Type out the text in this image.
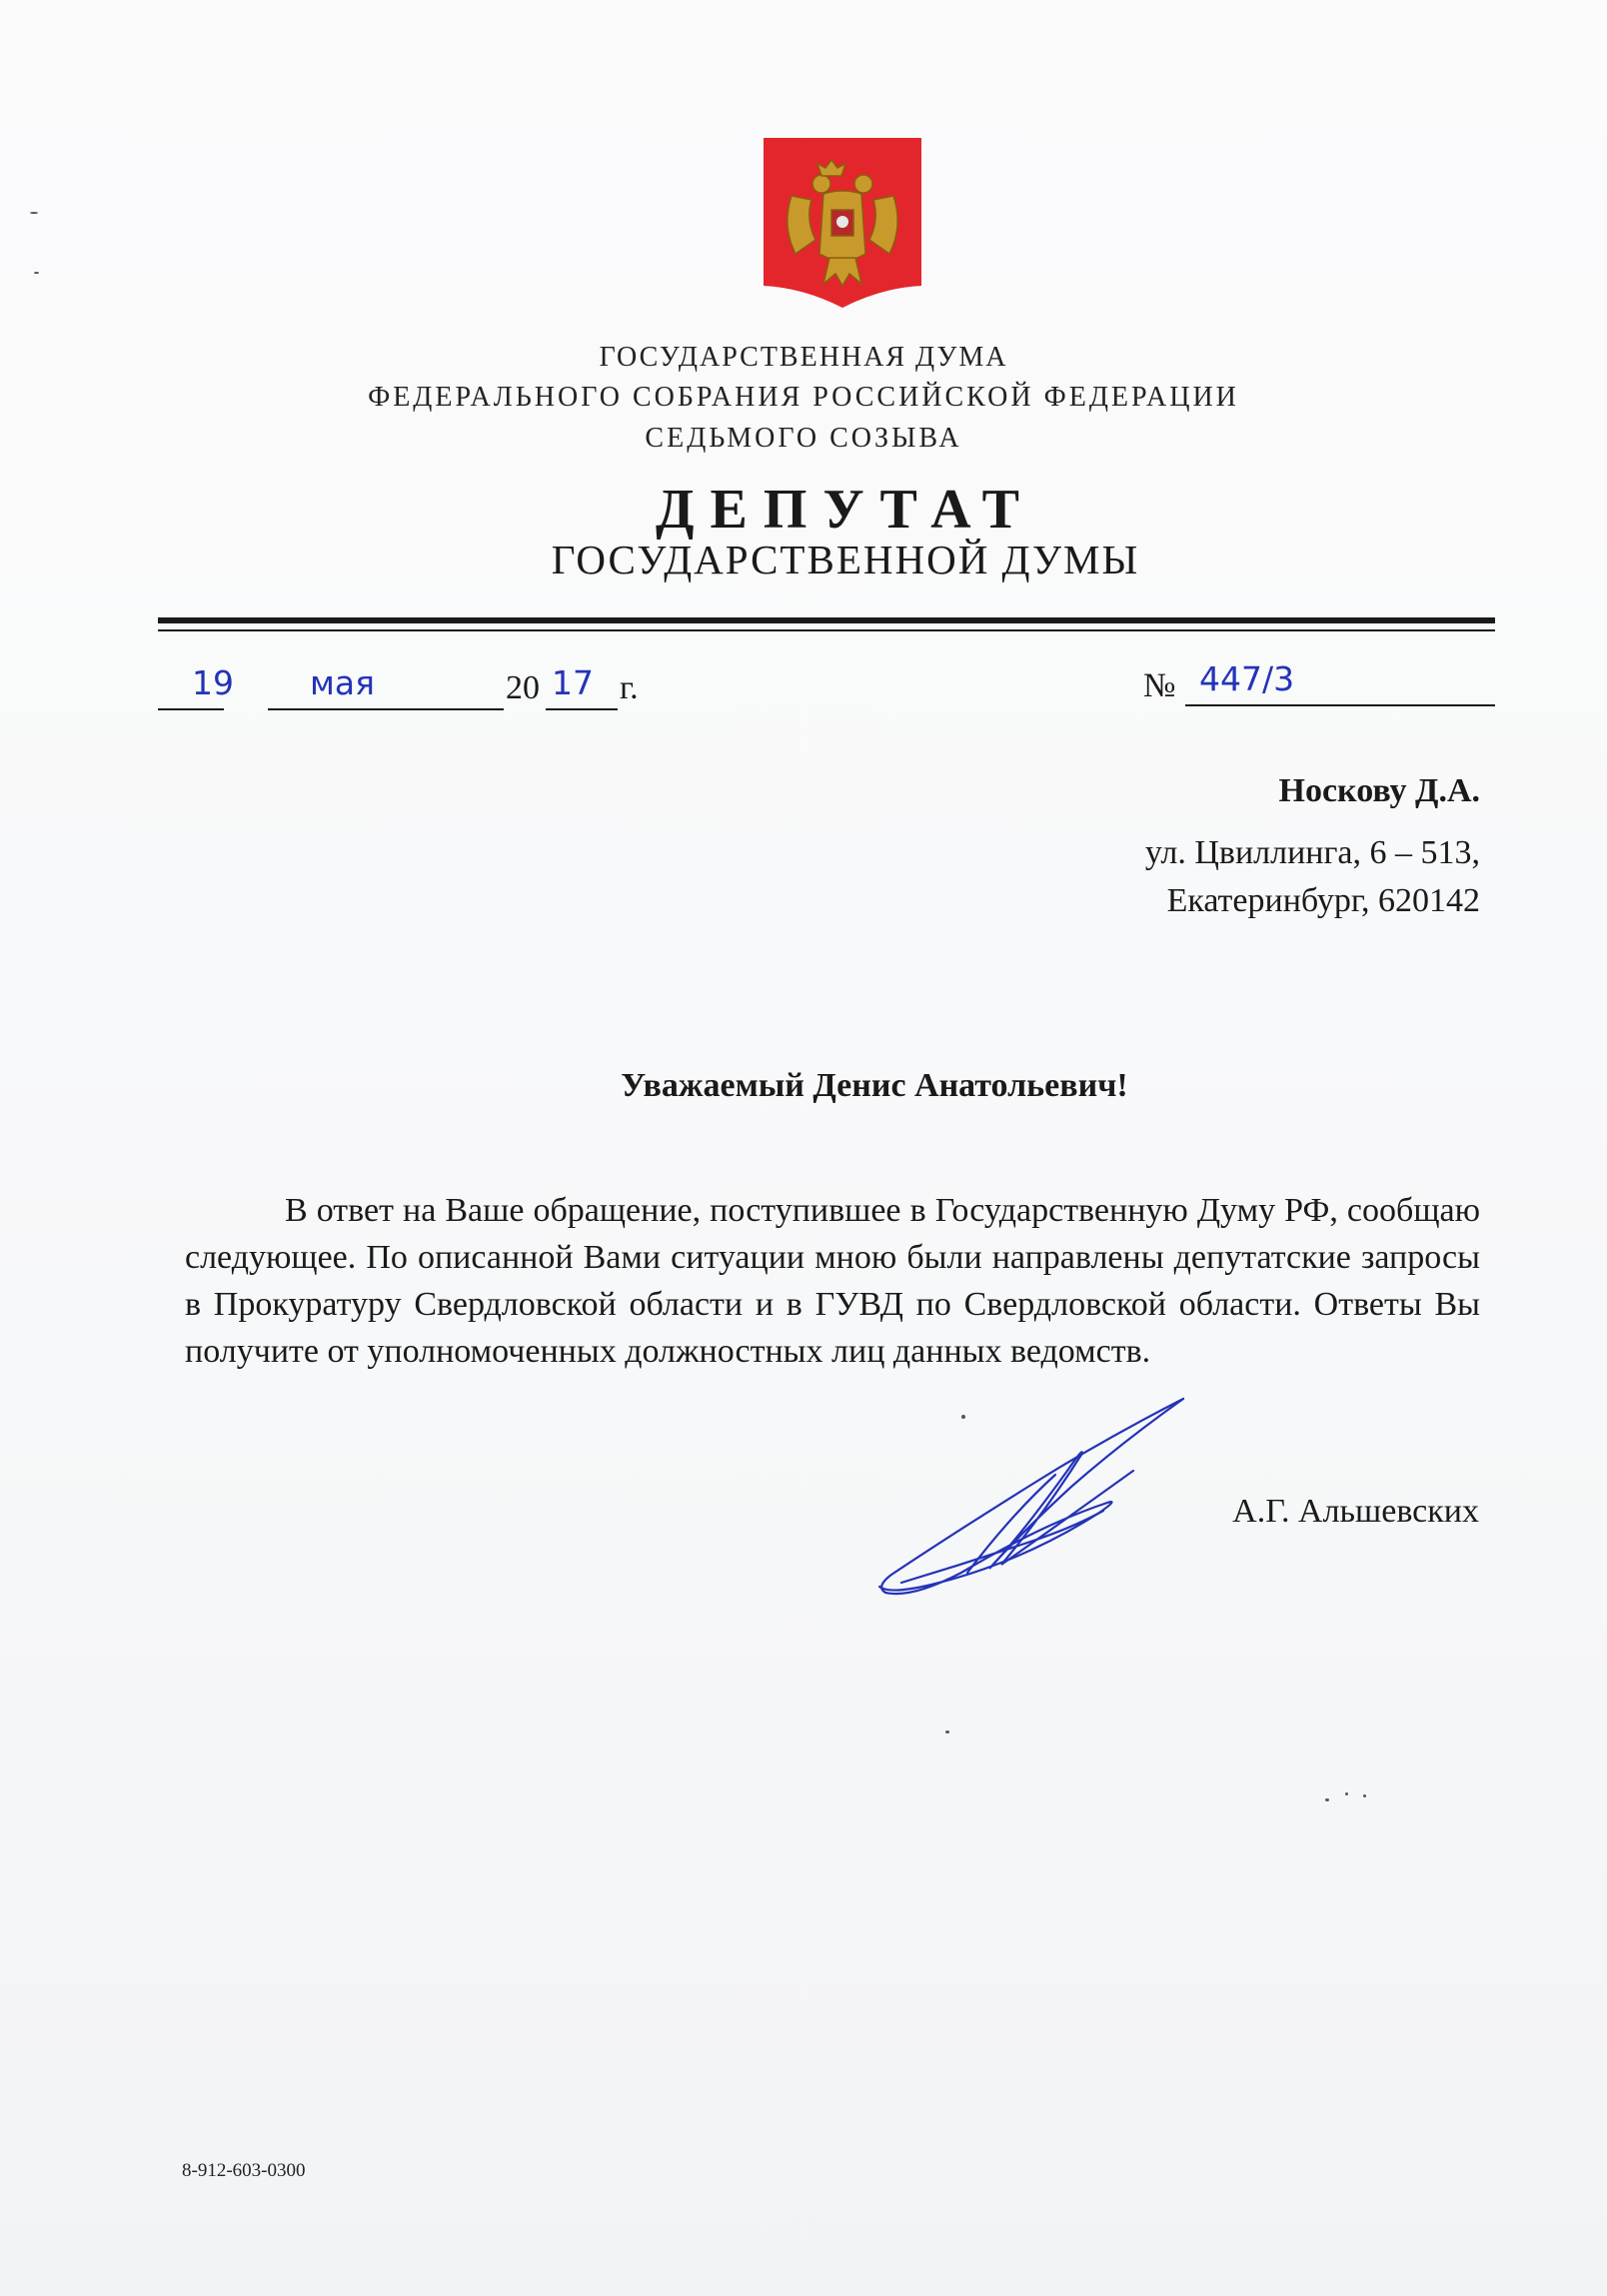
ГОСУДАРСТВЕННАЯ ДУМА
ФЕДЕРАЛЬНОГО СОБРАНИЯ РОССИЙСКОЙ ФЕДЕРАЦИИ
СЕДЬМОГО СОЗЫВА
ДЕПУТАТ
ГОСУДАРСТВЕННОЙ ДУМЫ
19 мая	20 17 г.	№ 447/3
Носкову Д.А.
ул. Цвиллинга, 6 – 513,
Екатеринбург, 620142
Уважаемый Денис Анатольевич!
В ответ на Ваше обращение, поступившее в Государственную Думу РФ, сообщаю следующее. По описанной Вами ситуации мною были направлены депутатские запросы в Прокуратуру Свердловской области и в ГУВД по Свердловской области. Ответы Вы получите от уполномоченных должностных лиц данных ведомств.
А.Г. Альшевских
8-912-603-0300
